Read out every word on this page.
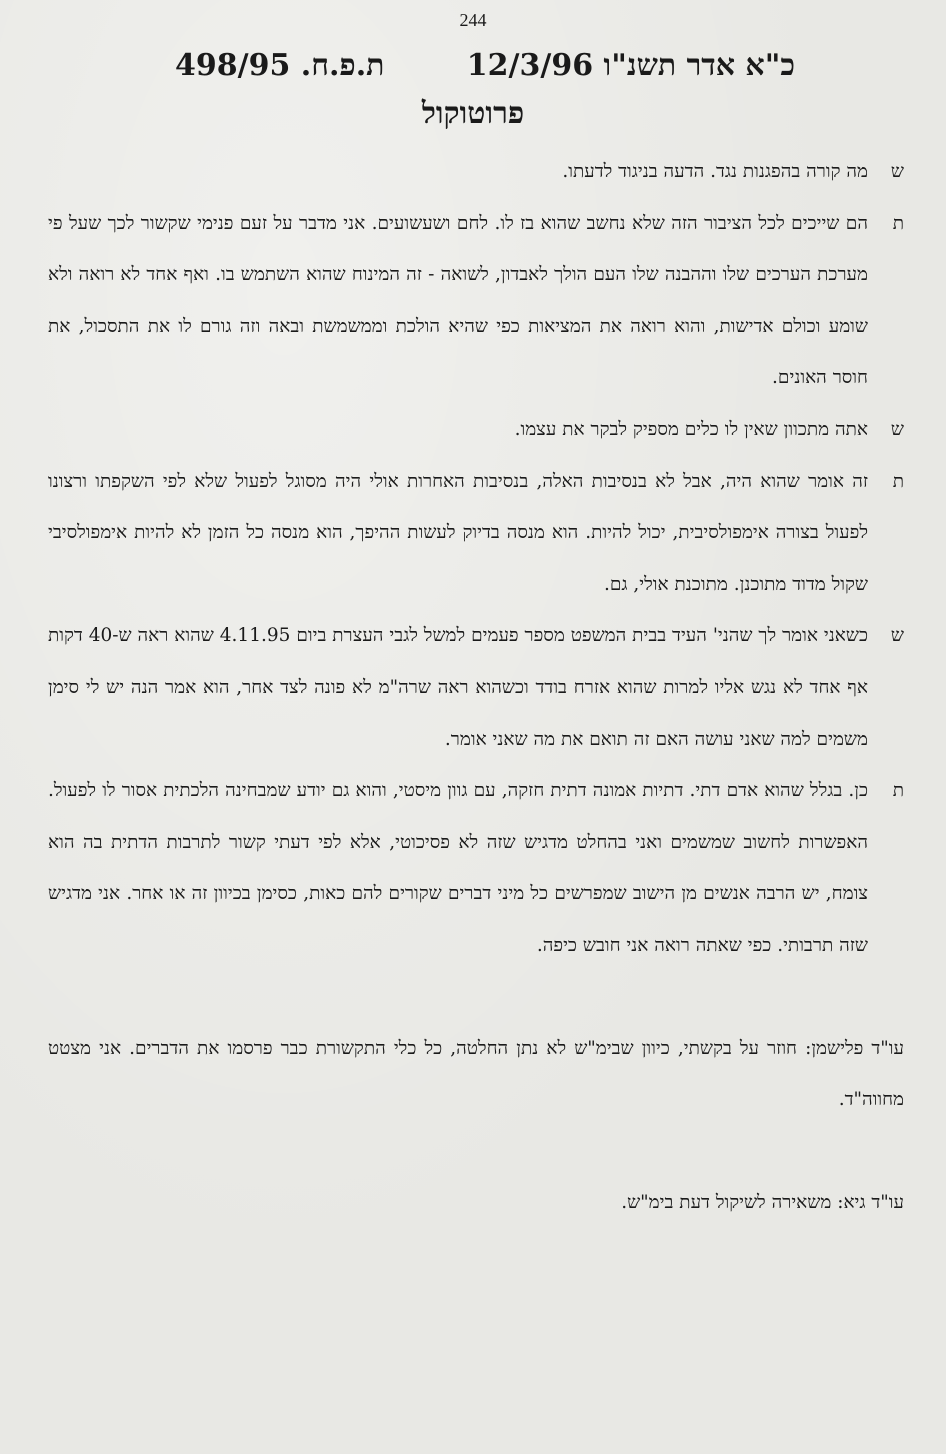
244
כ"א אדר תשנ"ו 12/3/96
ת.פ.ח. 498/95
פרוטוקול
ש
מה קורה בהפגנות נגד. הדעה בניגוד לדעתו.
ת
הם שייכים לכל הציבור הזה שלא נחשב שהוא בז לו. לחם ושעשועים. אני מדבר על זעם פנימי שקשור לכך שעל פי מערכת הערכים שלו וההבנה שלו העם הולך לאבדון, לשואה - זה המינוח שהוא השתמש בו. ואף אחד לא רואה ולא שומע וכולם אדישות, והוא רואה את המציאות כפי שהיא הולכת וממשמשת ובאה וזה גורם לו את התסכול, את חוסר האונים.
ש
אתה מתכוון שאין לו כלים מספיק לבקר את עצמו.
ת
זה אומר שהוא היה, אבל לא בנסיבות האלה, בנסיבות האחרות אולי היה מסוגל לפעול שלא לפי השקפתו ורצונו לפעול בצורה אימפולסיבית, יכול להיות. הוא מנסה בדיוק לעשות ההיפך, הוא מנסה כל הזמן לא להיות אימפולסיבי שקול מדוד מתוכנן. מתוכנת אולי, גם.
ש
כשאני אומר לך שהני' העיד בבית המשפט מספר פעמים למשל לגבי העצרת ביום 4.11.95 שהוא ראה ש-40 דקות אף אחד לא נגש אליו למרות שהוא אזרח בודד וכשהוא ראה שרה"מ לא פונה לצד אחר, הוא אמר הנה יש לי סימן משמים למה שאני עושה האם זה תואם את מה שאני אומר.
ת
כן. בגלל שהוא אדם דתי. דתיות אמונה דתית חזקה, עם גוון מיסטי, והוא גם יודע שמבחינה הלכתית אסור לו לפעול. האפשרות לחשוב שמשמים ואני בהחלט מדגיש שזה לא פסיכוטי, אלא לפי דעתי קשור לתרבות הדתית בה הוא צומח, יש הרבה אנשים מן הישוב שמפרשים כל מיני דברים שקורים להם כאות, כסימן בכיוון זה או אחר. אני מדגיש שזה תרבותי. כפי שאתה רואה אני חובש כיפה.
עו"ד פלישמן: חוזר על בקשתי, כיוון שבימ"ש לא נתן החלטה, כל כלי התקשורת כבר פרסמו את הדברים. אני מצטט מחווה"ד.
עו"ד גיא: משאירה לשיקול דעת בימ"ש.
